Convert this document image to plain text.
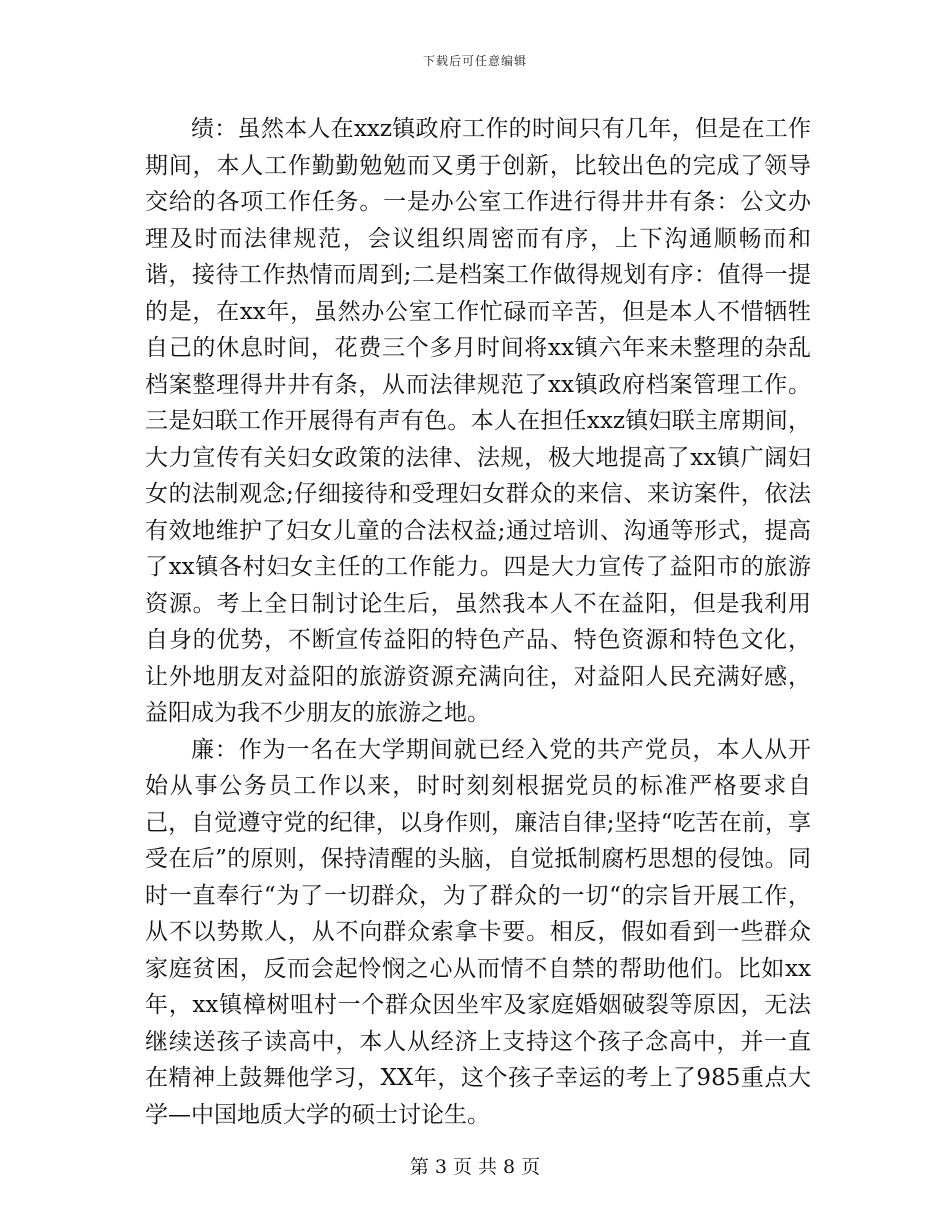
下载后可任意编辑

绩：虽然本人在xxz镇政府工作的时间只有几年，但是在工作期间，本人工作勤勤勉勉而又勇于创新，比较出色的完成了领导交给的各项工作任务。一是办公室工作进行得井井有条：公文办理及时而法律规范，会议组织周密而有序，上下沟通顺畅而和谐，接待工作热情而周到;二是档案工作做得规划有序：值得一提的是，在xx年，虽然办公室工作忙碌而辛苦，但是本人不惜牺牲自己的休息时间，花费三个多月时间将xx镇六年来未整理的杂乱档案整理得井井有条，从而法律规范了xx镇政府档案管理工作。三是妇联工作开展得有声有色。本人在担任xxz镇妇联主席期间，大力宣传有关妇女政策的法律、法规，极大地提高了xx镇广阔妇女的法制观念;仔细接待和受理妇女群众的来信、来访案件，依法有效地维护了妇女儿童的合法权益;通过培训、沟通等形式，提高了xx镇各村妇女主任的工作能力。四是大力宣传了益阳市的旅游资源。考上全日制讨论生后，虽然我本人不在益阳，但是我利用自身的优势，不断宣传益阳的特色产品、特色资源和特色文化，让外地朋友对益阳的旅游资源充满向往，对益阳人民充满好感，益阳成为我不少朋友的旅游之地。

廉：作为一名在大学期间就已经入党的共产党员，本人从开始从事公务员工作以来，时时刻刻根据党员的标准严格要求自己，自觉遵守党的纪律，以身作则，廉洁自律;坚持“吃苦在前，享受在后”的原则，保持清醒的头脑，自觉抵制腐朽思想的侵蚀。同时一直奉行“为了一切群众，为了群众的一切“的宗旨开展工作，从不以势欺人，从不向群众索拿卡要。相反，假如看到一些群众家庭贫困，反而会起怜悯之心从而情不自禁的帮助他们。比如xx年，xx镇樟树咀村一个群众因坐牢及家庭婚姻破裂等原因，无法继续送孩子读高中，本人从经济上支持这个孩子念高中，并一直在精神上鼓舞他学习，XX年，这个孩子幸运的考上了985重点大学—中国地质大学的硕士讨论生。

第 3 页 共 8 页
